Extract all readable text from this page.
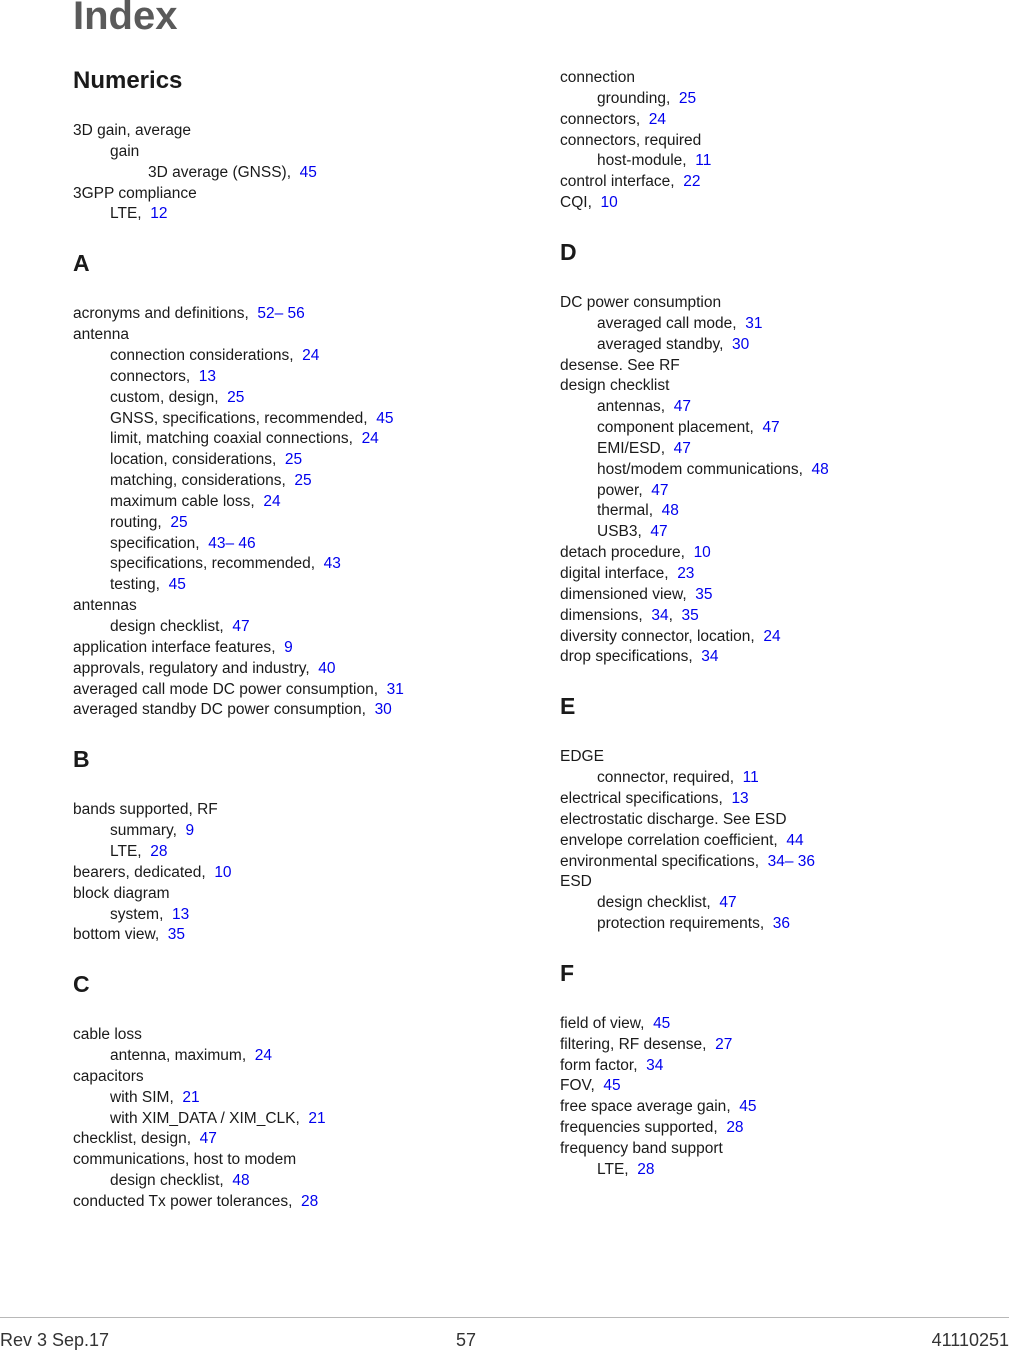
Index
Numerics
3D gain, average
gain
3D average (GNSS),  45
3GPP compliance
LTE,  12
A
acronyms and definitions,  52– 56
antenna
connection considerations,  24
connectors,  13
custom, design,  25
GNSS, specifications, recommended,  45
limit, matching coaxial connections,  24
location, considerations,  25
matching, considerations,  25
maximum cable loss,  24
routing,  25
specification,  43– 46
specifications, recommended,  43
testing,  45
antennas
design checklist,  47
application interface features,  9
approvals, regulatory and industry,  40
averaged call mode DC power consumption,  31
averaged standby DC power consumption,  30
B
bands supported, RF
summary,  9
LTE,  28
bearers, dedicated,  10
block diagram
system,  13
bottom view,  35
C
cable loss
antenna, maximum,  24
capacitors
with SIM,  21
with XIM_DATA / XIM_CLK,  21
checklist, design,  47
communications, host to modem
design checklist,  48
conducted Tx power tolerances,  28
connection
grounding,  25
connectors,  24
connectors, required
host-module,  11
control interface,  22
CQI,  10
D
DC power consumption
averaged call mode,  31
averaged standby,  30
desense. See RF
design checklist
antennas,  47
component placement,  47
EMI/ESD,  47
host/modem communications,  48
power,  47
thermal,  48
USB3,  47
detach procedure,  10
digital interface,  23
dimensioned view,  35
dimensions,  34,  35
diversity connector, location,  24
drop specifications,  34
E
EDGE
connector, required,  11
electrical specifications,  13
electrostatic discharge. See ESD
envelope correlation coefficient,  44
environmental specifications,  34– 36
ESD
design checklist,  47
protection requirements,  36
F
field of view,  45
filtering, RF desense,  27
form factor,  34
FOV,  45
free space average gain,  45
frequencies supported,  28
frequency band support
LTE,  28
Rev 3 Sep.17	57	41110251
